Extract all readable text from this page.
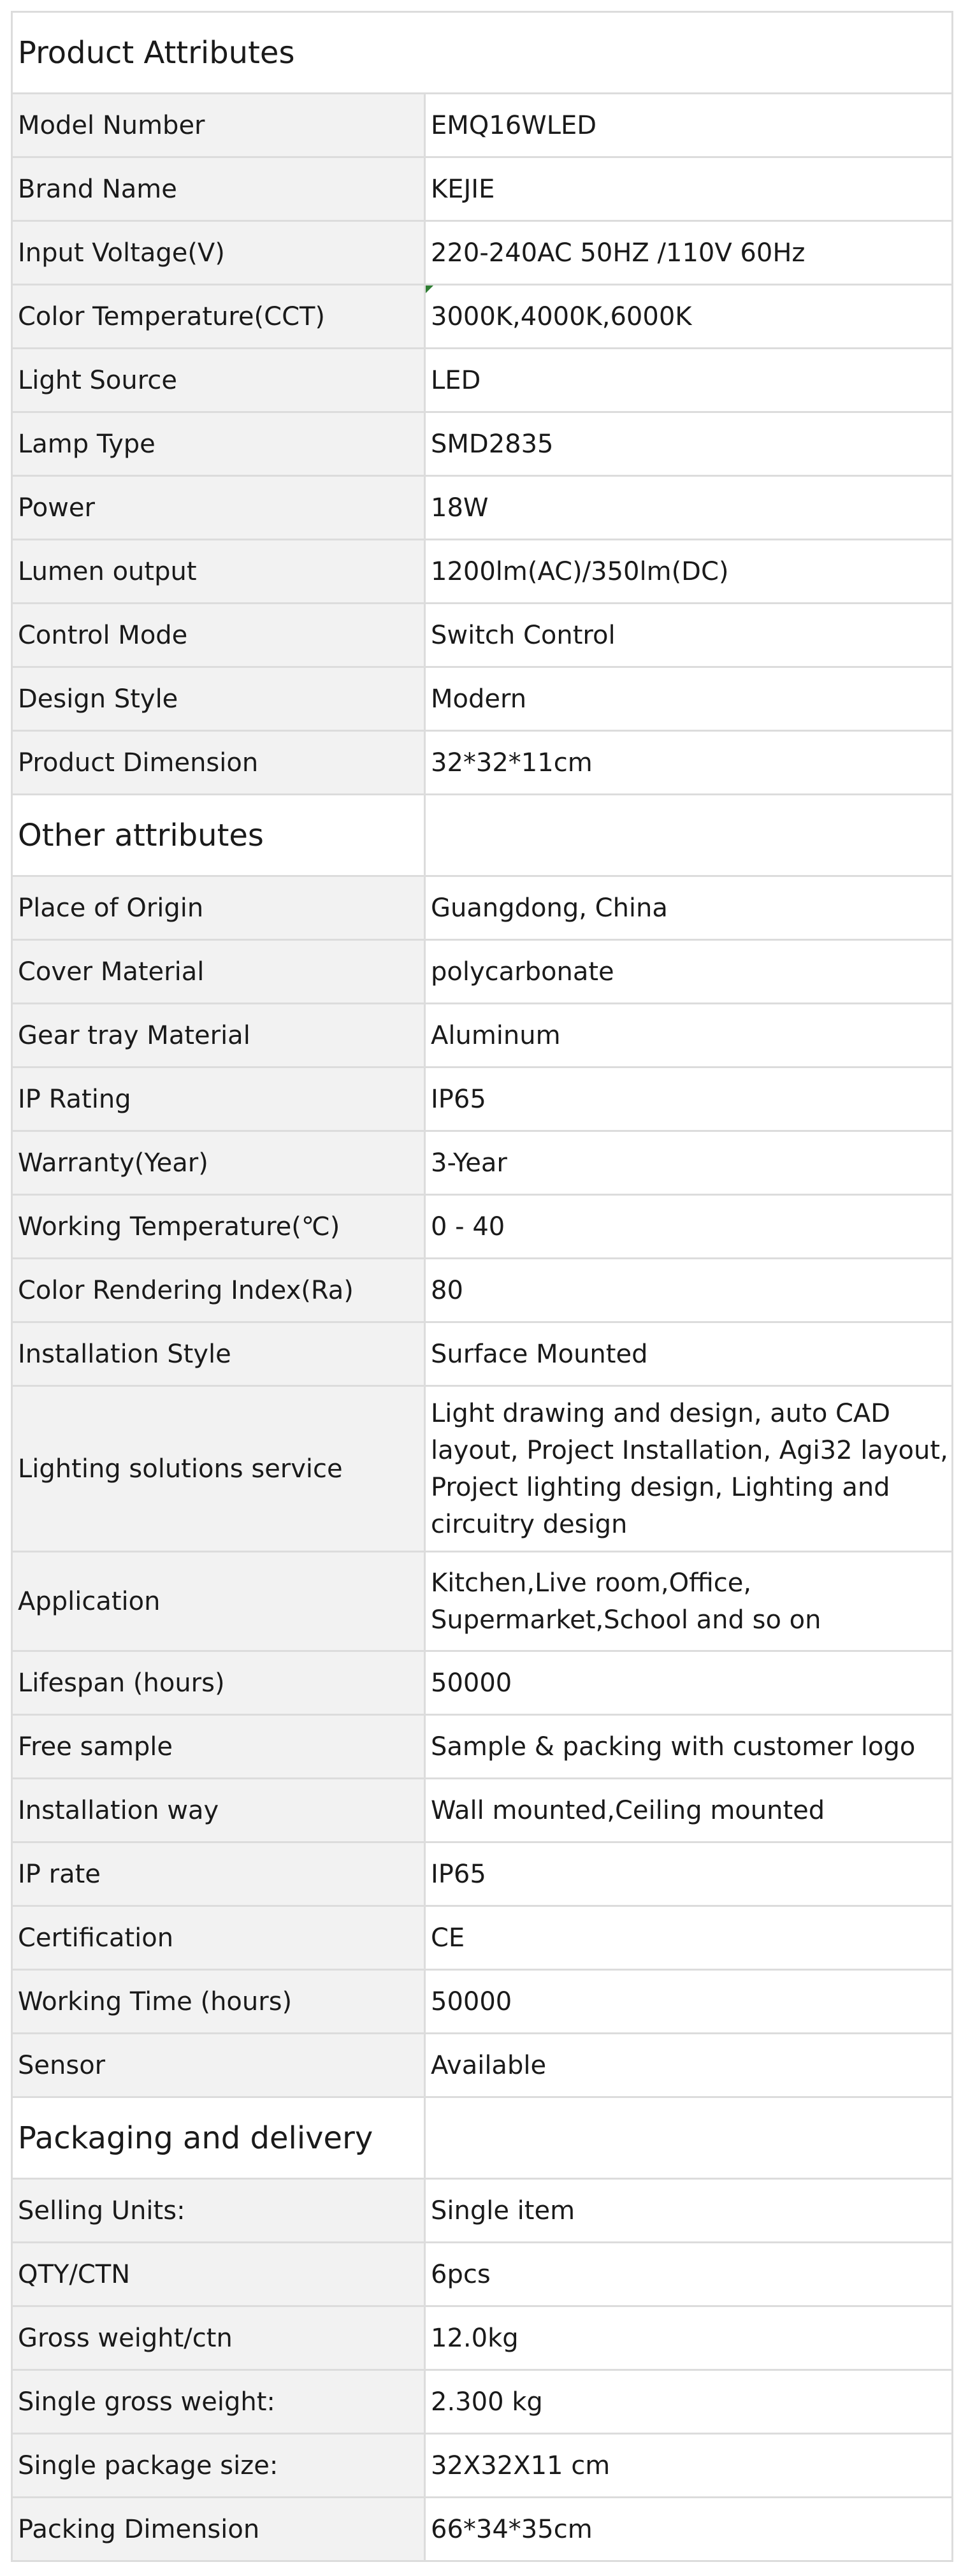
Product Attributes	
Model Number	EMQ16WLED
Brand Name	KEJIE
Input Voltage(V)	220-240AC 50HZ /110V 60Hz
Color Temperature(CCT)	3000K,4000K,6000K
Light Source	LED
Lamp Type	SMD2835
Power	18W
Lumen output	1200lm(AC)/350lm(DC)
Control Mode	Switch Control
Design Style	Modern
Product Dimension	32*32*11cm
Other attributes	
Place of Origin	Guangdong, China
Cover Material	polycarbonate
Gear tray Material	Aluminum
IP Rating	IP65
Warranty(Year)	3-Year
Working Temperature(℃)	0 - 40
Color Rendering Index(Ra)	80
Installation Style	Surface Mounted
Lighting solutions service	Light drawing and design, auto CAD layout, Project Installation, Agi32 layout, Project lighting design, Lighting and circuitry design
Application	Kitchen,Live room,Office, Supermarket,School and so on
Lifespan (hours)	50000
Free sample	Sample & packing with customer logo
Installation way	Wall mounted,Ceiling mounted
IP rate	IP65
Certification	CE
Working Time (hours)	50000
Sensor	Available
Packaging and delivery	
Selling Units:	Single item
QTY/CTN	6pcs
Gross weight/ctn	12.0kg
Single gross weight:	2.300 kg
Single package size:	32X32X11 cm
Packing Dimension	66*34*35cm
